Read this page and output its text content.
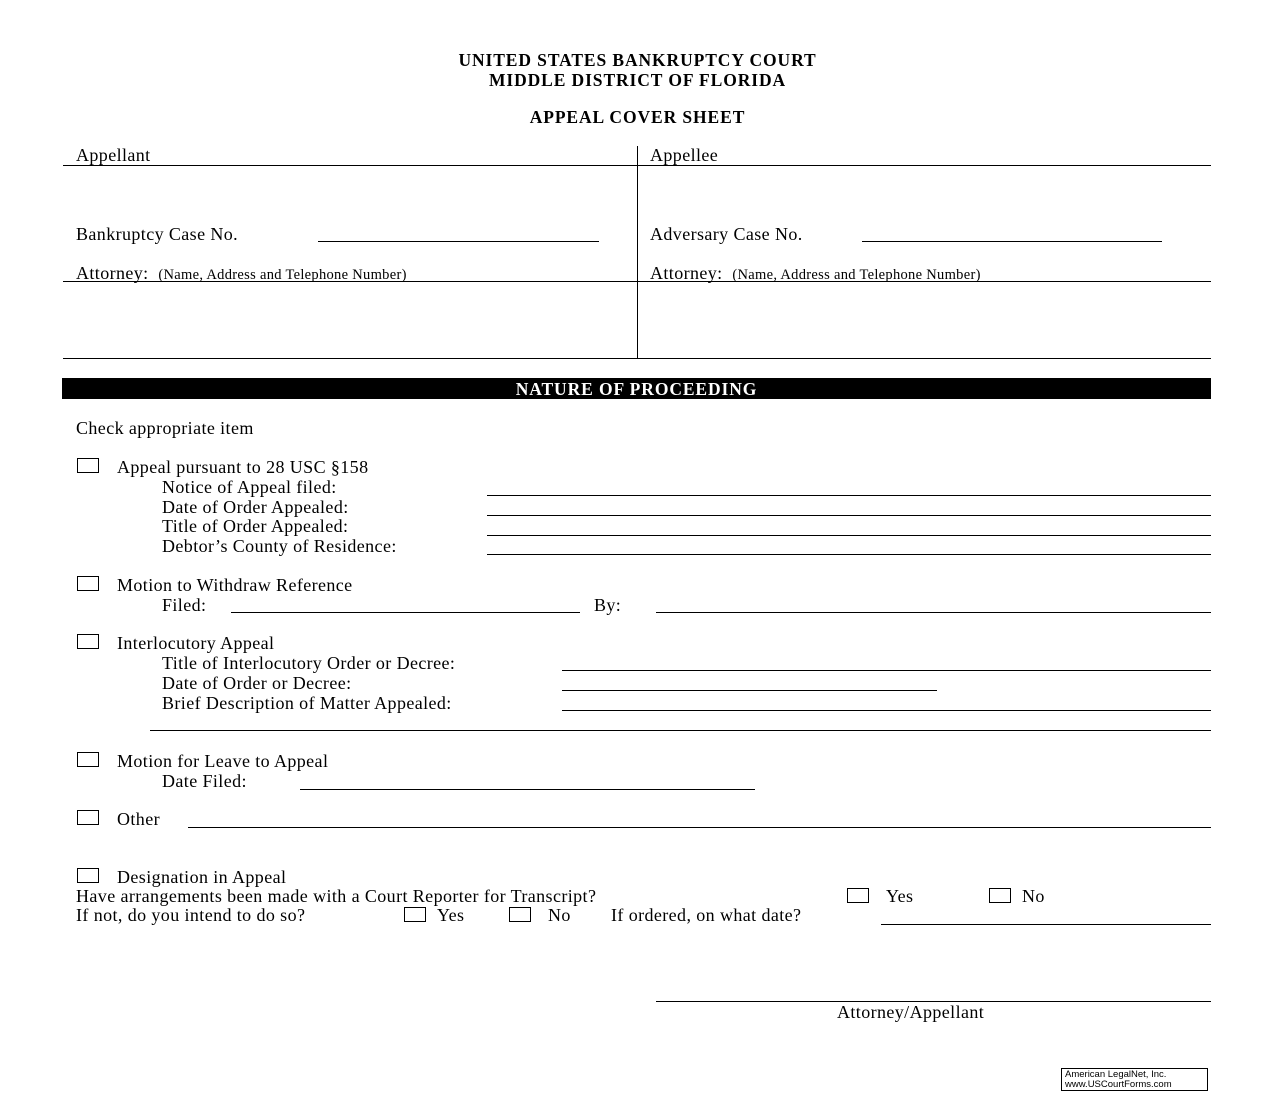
UNITED STATES BANKRUPTCY COURT
MIDDLE DISTRICT OF FLORIDA
APPEAL COVER SHEET
Appellant	Appellee
Bankruptcy Case No.	Adversary Case No.
Attorney: (Name, Address and Telephone Number)	Attorney: (Name, Address and Telephone Number)
NATURE OF PROCEEDING
Check appropriate item
Appeal pursuant to 28 USC §158
Notice of Appeal filed:
Date of Order Appealed:
Title of Order Appealed:
Debtor’s County of Residence:
Motion to Withdraw Reference
Filed:	By:
Interlocutory Appeal
Title of Interlocutory Order or Decree:
Date of Order or Decree:
Brief Description of Matter Appealed:
Motion for Leave to Appeal
Date Filed:
Other
Designation in Appeal
Have arrangements been made with a Court Reporter for Transcript?	Yes	No
If not, do you intend to do so?	Yes	No If ordered, on what date?
Attorney/Appellant
American LegalNet, Inc.
www.USCourtForms.com
